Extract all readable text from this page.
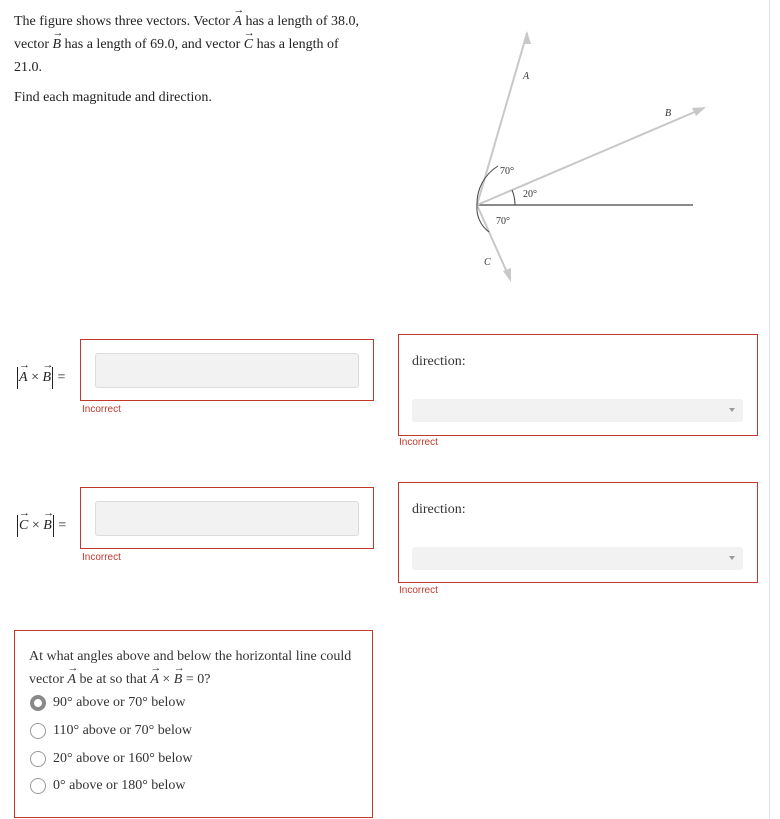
The figure shows three vectors. Vector → A has a length of 38.0,
vector → B has a length of 69.0, and vector → C has a length of
21.0.

Find each magnitude and direction.

A
B
C
70°
20°
70°
→ A × → B =
Incorrect
direction:
Incorrect
→ C × → B =
Incorrect
direction:
Incorrect
At what angles above and below the horizontal line could
vector → A be at so that → A × → B = 0?
90° above or 70° below
110° above or 70° below
20° above or 160° below
0° above or 180° below
